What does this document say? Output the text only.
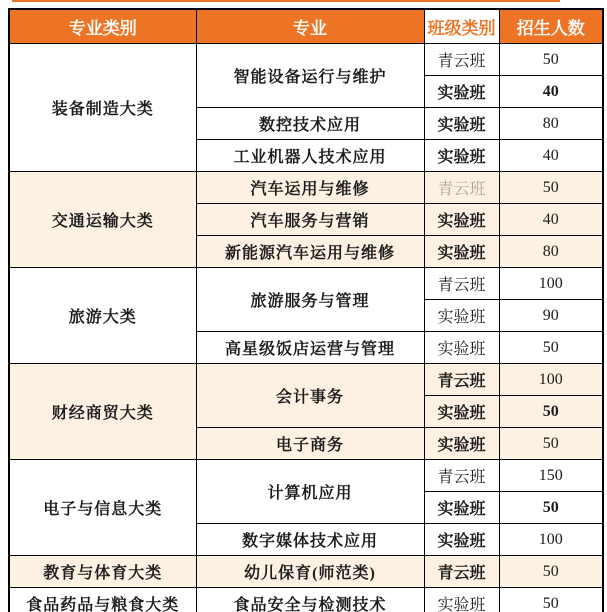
专业类别	专业	班级类别	招生人数
装备制造大类	智能设备运行与维护	青云班	50
		实验班	40
	数控技术应用	实验班	80
	工业机器人技术应用	实验班	40
交通运输大类	汽车运用与维修	青云班	50
	汽车服务与营销	实验班	40
	新能源汽车运用与维修	实验班	80
旅游大类	旅游服务与管理	青云班	100
		实验班	90
	高星级饭店运营与管理	实验班	50
财经商贸大类	会计事务	青云班	100
		实验班	50
	电子商务	实验班	50
电子与信息大类	计算机应用	青云班	150
		实验班	50
	数字媒体技术应用	实验班	100
教育与体育大类	幼儿保育(师范类)	青云班	50
食品药品与粮食大类	食品安全与检测技术	实验班	50
